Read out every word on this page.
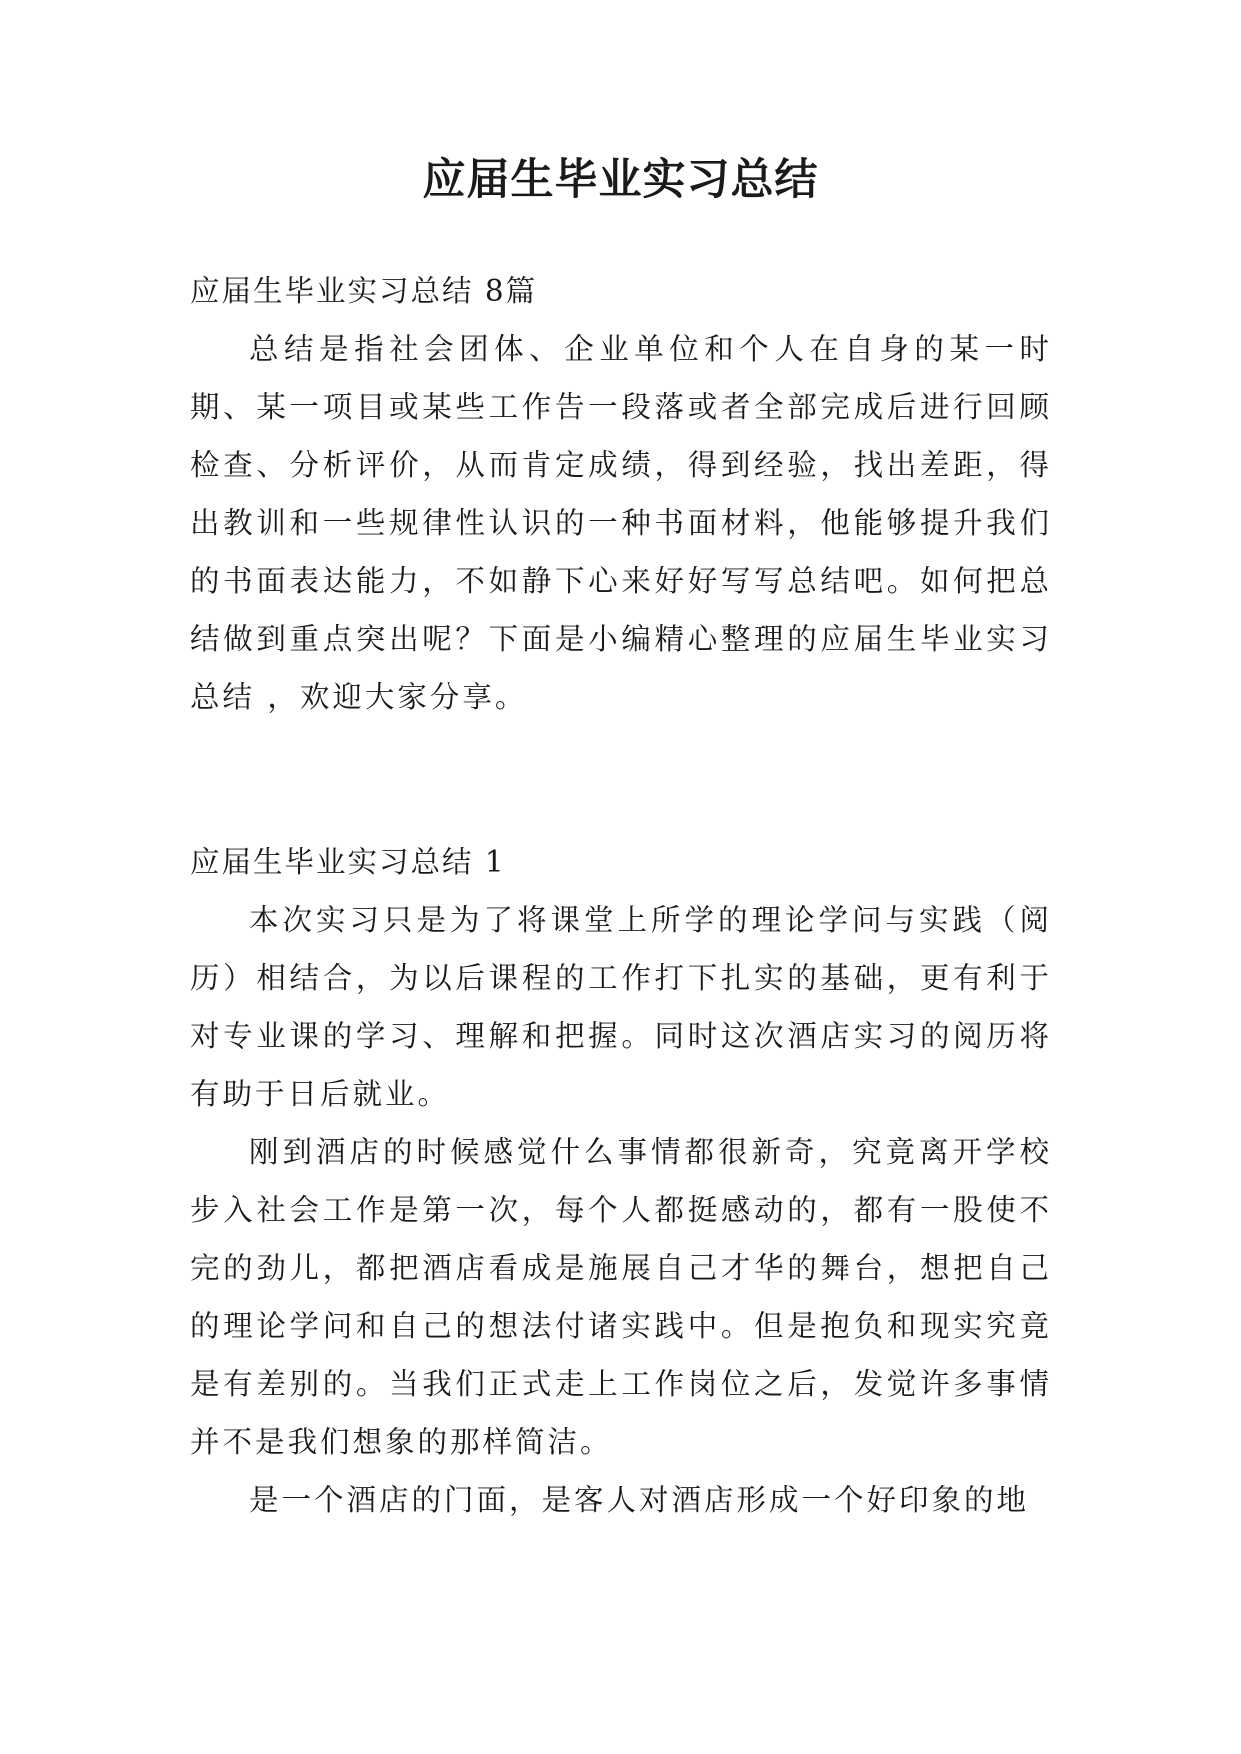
应届生毕业实习总结

应届生毕业实习总结 8篇

总结是指社会团体、企业单位和个人在自身的某一时期、某一项目或某些工作告一段落或者全部完成后进行回顾检查、分析评价，从而肯定成绩，得到经验，找出差距，得出教训和一些规律性认识的一种书面材料，他能够提升我们的书面表达能力，不如静下心来好好写写总结吧。如何把总结做到重点突出呢？下面是小编精心整理的应届生毕业实习总结 ，欢迎大家分享。

应届生毕业实习总结 1

本次实习只是为了将课堂上所学的理论学问与实践（阅历）相结合，为以后课程的工作打下扎实的基础，更有利于对专业课的学习、理解和把握。同时这次酒店实习的阅历将有助于日后就业。

刚到酒店的时候感觉什么事情都很新奇，究竟离开学校步入社会工作是第一次，每个人都挺感动的，都有一股使不完的劲儿，都把酒店看成是施展自己才华的舞台，想把自己的理论学问和自己的想法付诸实践中。但是抱负和现实究竟是有差别的。当我们正式走上工作岗位之后，发觉许多事情并不是我们想象的那样简洁。

是一个酒店的门面，是客人对酒店形成一个好印象的地
